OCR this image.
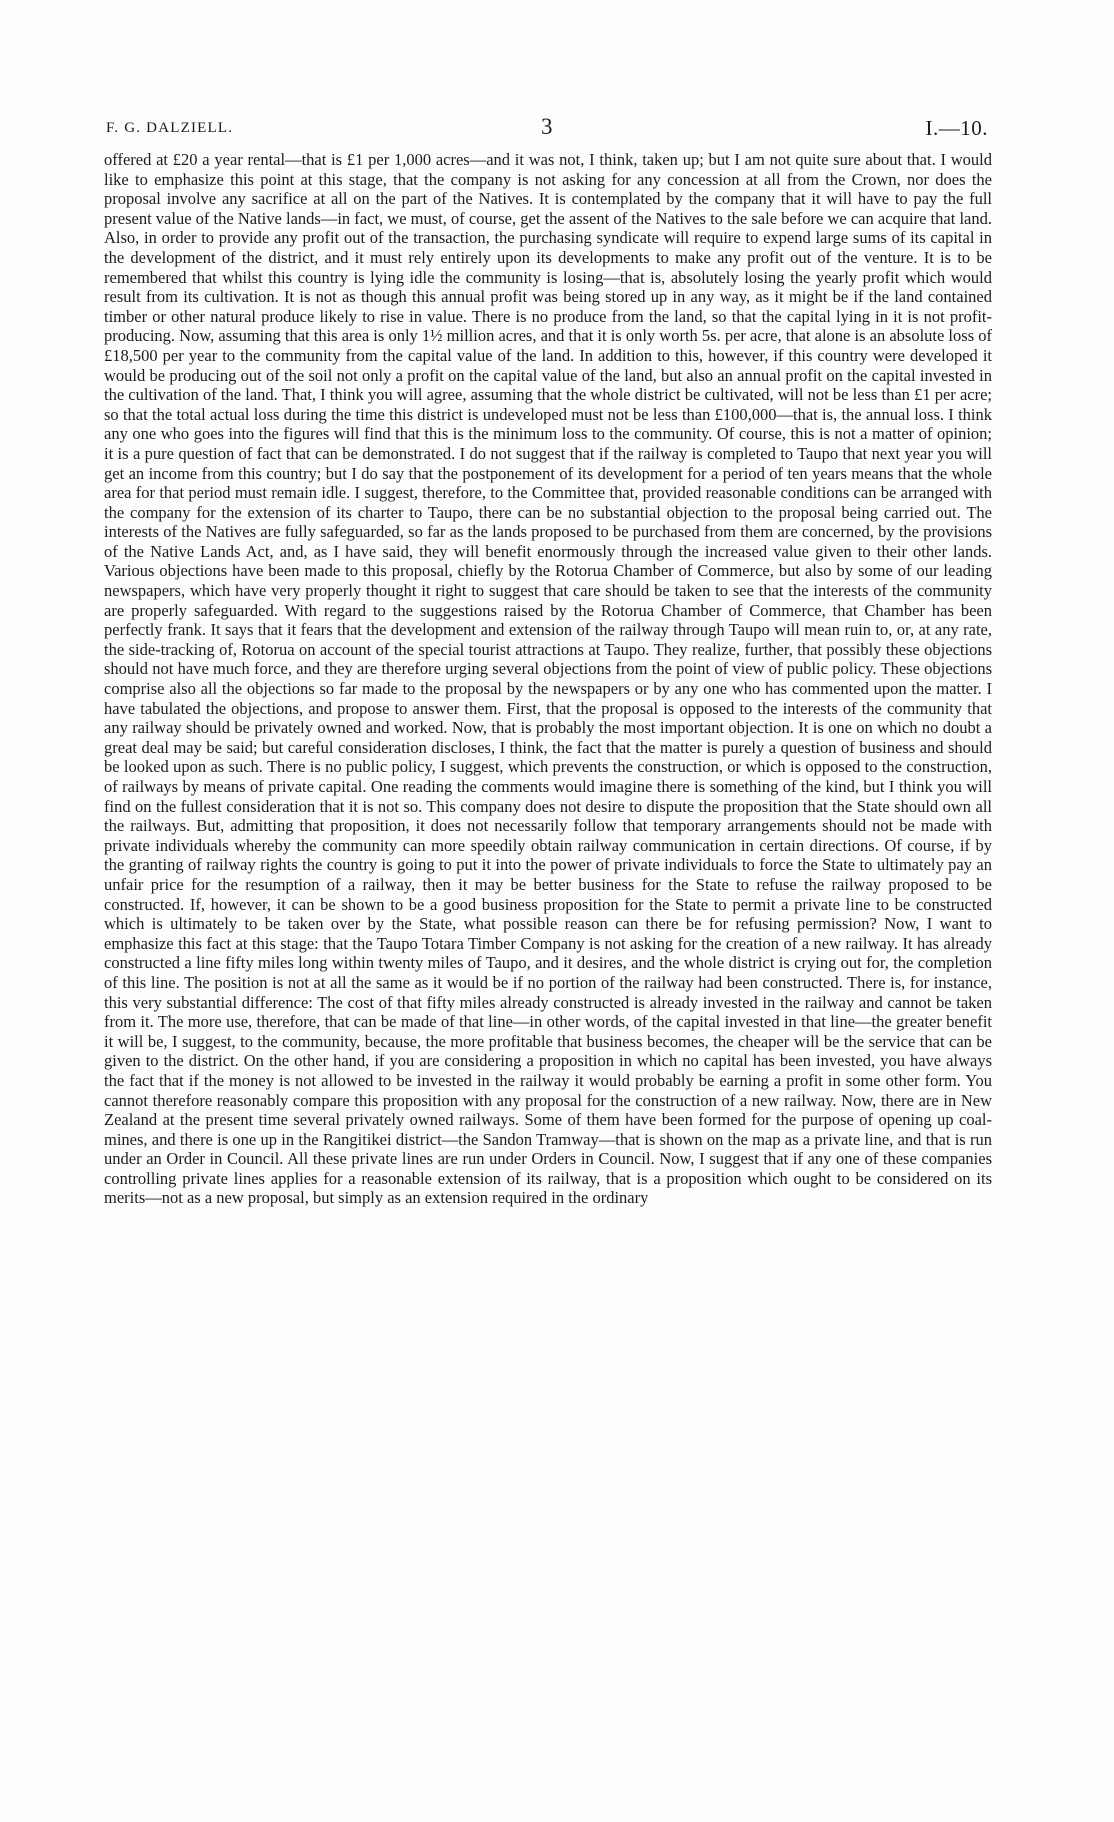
F. G. DALZIELL.	3	I.—10.

offered at £20 a year rental—that is £1 per 1,000 acres—and it was not, I think, taken up; but I am not quite sure about that. I would like to emphasize this point at this stage, that the company is not asking for any concession at all from the Crown, nor does the proposal involve any sacrifice at all on the part of the Natives. It is contemplated by the company that it will have to pay the full present value of the Native lands—in fact, we must, of course, get the assent of the Natives to the sale before we can acquire that land. Also, in order to provide any profit out of the transaction, the purchasing syndicate will require to expend large sums of its capital in the development of the district, and it must rely entirely upon its developments to make any profit out of the venture. It is to be remembered that whilst this country is lying idle the community is losing—that is, absolutely losing the yearly profit which would result from its cultivation. It is not as though this annual profit was being stored up in any way, as it might be if the land contained timber or other natural produce likely to rise in value. There is no produce from the land, so that the capital lying in it is not profit-producing. Now, assuming that this area is only 1½ million acres, and that it is only worth 5s. per acre, that alone is an absolute loss of £18,500 per year to the community from the capital value of the land. In addition to this, however, if this country were developed it would be producing out of the soil not only a profit on the capital value of the land, but also an annual profit on the capital invested in the cultivation of the land. That, I think you will agree, assuming that the whole district be cultivated, will not be less than £1 per acre; so that the total actual loss during the time this district is undeveloped must not be less than £100,000—that is, the annual loss. I think any one who goes into the figures will find that this is the minimum loss to the community. Of course, this is not a matter of opinion; it is a pure question of fact that can be demonstrated. I do not suggest that if the railway is completed to Taupo that next year you will get an income from this country; but I do say that the postponement of its development for a period of ten years means that the whole area for that period must remain idle. I suggest, therefore, to the Committee that, provided reasonable conditions can be arranged with the company for the extension of its charter to Taupo, there can be no substantial objection to the proposal being carried out. The interests of the Natives are fully safeguarded, so far as the lands proposed to be purchased from them are concerned, by the provisions of the Native Lands Act, and, as I have said, they will benefit enormously through the increased value given to their other lands. Various objections have been made to this proposal, chiefly by the Rotorua Chamber of Commerce, but also by some of our leading newspapers, which have very properly thought it right to suggest that care should be taken to see that the interests of the community are properly safeguarded. With regard to the suggestions raised by the Rotorua Chamber of Commerce, that Chamber has been perfectly frank. It says that it fears that the development and extension of the railway through Taupo will mean ruin to, or, at any rate, the side-tracking of, Rotorua on account of the special tourist attractions at Taupo. They realize, further, that possibly these objections should not have much force, and they are therefore urging several objections from the point of view of public policy. These objections comprise also all the objections so far made to the proposal by the newspapers or by any one who has commented upon the matter. I have tabulated the objections, and propose to answer them. First, that the proposal is opposed to the interests of the community that any railway should be privately owned and worked. Now, that is probably the most important objection. It is one on which no doubt a great deal may be said; but careful consideration discloses, I think, the fact that the matter is purely a question of business and should be looked upon as such. There is no public policy, I suggest, which prevents the construction, or which is opposed to the construction, of railways by means of private capital. One reading the comments would imagine there is something of the kind, but I think you will find on the fullest consideration that it is not so. This company does not desire to dispute the proposition that the State should own all the railways. But, admitting that proposition, it does not necessarily follow that temporary arrangements should not be made with private individuals whereby the community can more speedily obtain railway communication in certain directions. Of course, if by the granting of railway rights the country is going to put it into the power of private individuals to force the State to ultimately pay an unfair price for the resumption of a railway, then it may be better business for the State to refuse the railway proposed to be constructed. If, however, it can be shown to be a good business proposition for the State to permit a private line to be constructed which is ultimately to be taken over by the State, what possible reason can there be for refusing permission? Now, I want to emphasize this fact at this stage: that the Taupo Totara Timber Company is not asking for the creation of a new railway. It has already constructed a line fifty miles long within twenty miles of Taupo, and it desires, and the whole district is crying out for, the completion of this line. The position is not at all the same as it would be if no portion of the railway had been constructed. There is, for instance, this very substantial difference: The cost of that fifty miles already constructed is already invested in the railway and cannot be taken from it. The more use, therefore, that can be made of that line—in other words, of the capital invested in that line—the greater benefit it will be, I suggest, to the community, because, the more profitable that business becomes, the cheaper will be the service that can be given to the district. On the other hand, if you are considering a proposition in which no capital has been invested, you have always the fact that if the money is not allowed to be invested in the railway it would probably be earning a profit in some other form. You cannot therefore reasonably compare this proposition with any proposal for the construction of a new railway. Now, there are in New Zealand at the present time several privately owned railways. Some of them have been formed for the purpose of opening up coal-mines, and there is one up in the Rangitikei district—the Sandon Tramway—that is shown on the map as a private line, and that is run under an Order in Council. All these private lines are run under Orders in Council. Now, I suggest that if any one of these companies controlling private lines applies for a reasonable extension of its railway, that is a proposition which ought to be considered on its merits—not as a new proposal, but simply as an extension required in the ordinary
